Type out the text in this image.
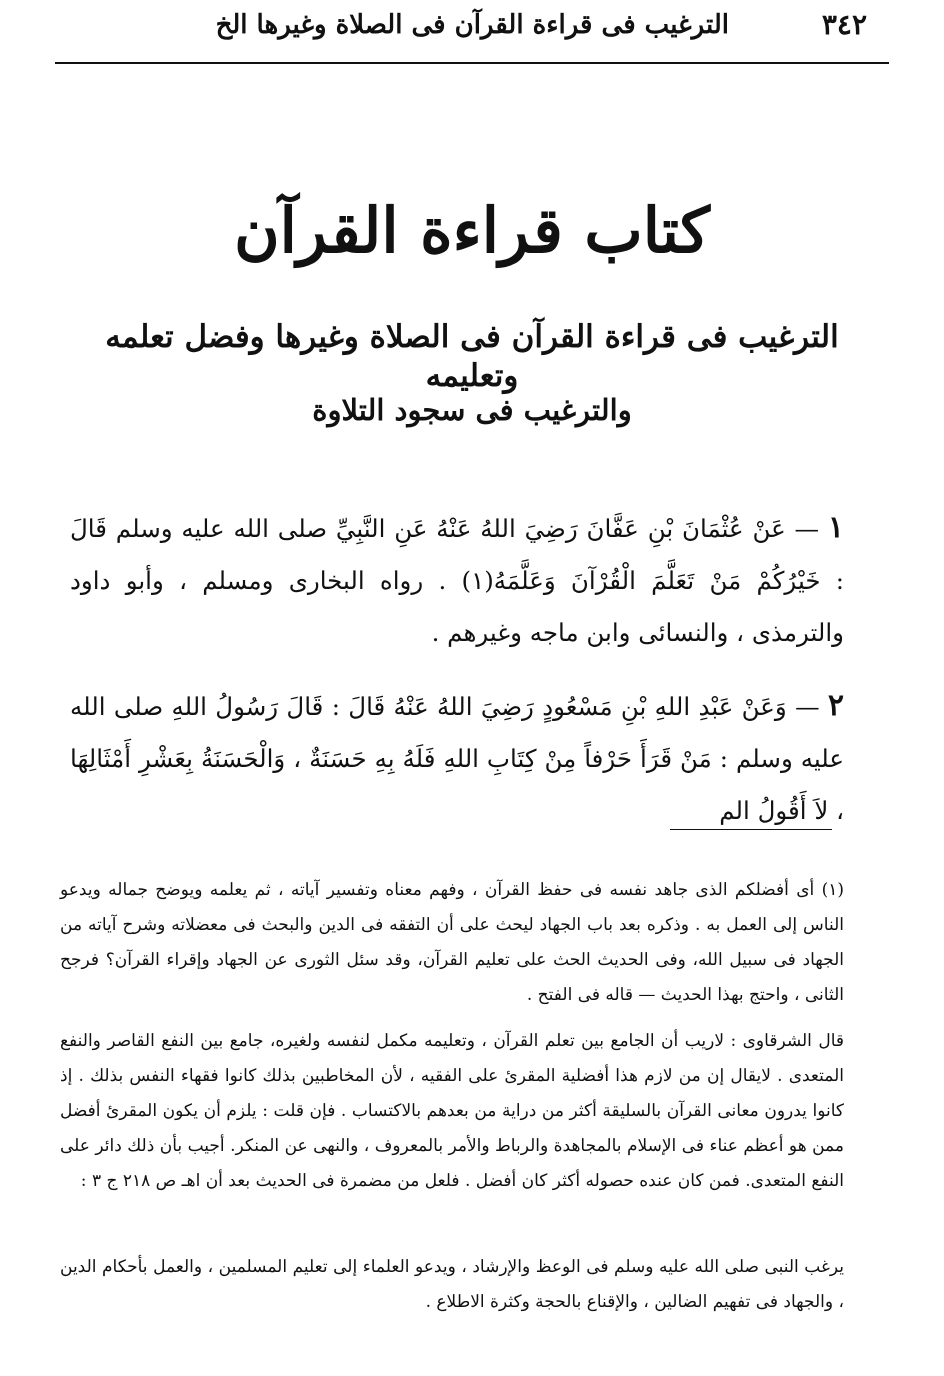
٣٤٢
الترغيب فى قراءة القرآن فى الصلاة وغيرها الخ
كتاب قراءة القرآن
الترغيب فى قراءة القرآن فى الصلاة وغيرها وفضل تعلمه وتعليمه
والترغيب فى سجود التلاوة
١ — عَنْ عُثْمَانَ بْنِ عَفَّانَ رَضِيَ اللهُ عَنْهُ عَنِ النَّبِيِّ صلى الله عليه وسلم قَالَ : خَيْرُكُمْ مَنْ تَعَلَّمَ الْقُرْآنَ وَعَلَّمَهُ(١) . رواه البخارى ومسلم ، وأبو داود والترمذى ، والنسائى وابن ماجه وغيرهم .
٢ — وَعَنْ عَبْدِ اللهِ بْنِ مَسْعُودٍ رَضِيَ اللهُ عَنْهُ قَالَ : قَالَ رَسُولُ اللهِ صلى الله عليه وسلم : مَنْ قَرَأَ حَرْفاً مِنْ كِتَابِ اللهِ فَلَهُ بِهِ حَسَنَةٌ ، وَالْحَسَنَةُ بِعَشْرِ أَمْثَالِهَا ، لاَ أَقُولُ الم
(١) أى أفضلكم الذى جاهد نفسه فى حفظ القرآن ، وفهم معناه وتفسير آياته ، ثم يعلمه ويوضح جماله ويدعو الناس إلى العمل به . وذكره بعد باب الجهاد ليحث على أن التفقه فى الدين والبحث فى معضلاته وشرح آياته من الجهاد فى سبيل الله، وفى الحديث الحث على تعليم القرآن، وقد سئل الثورى عن الجهاد وإقراء القرآن؟ فرجح الثانى ، واحتج بهذا الحديث — قاله فى الفتح .
قال الشرقاوى : لاريب أن الجامع بين تعلم القرآن ، وتعليمه مكمل لنفسه ولغيره، جامع بين النفع القاصر والنفع المتعدى . لايقال إن من لازم هذا أفضلية المقرئ على الفقيه ، لأن المخاطبين بذلك كانوا فقهاء النفس بذلك . إذ كانوا يدرون معانى القرآن بالسليقة أكثر من دراية من بعدهم بالاكتساب . فإن قلت : يلزم أن يكون المقرئ أفضل ممن هو أعظم عناء فى الإسلام بالمجاهدة والرباط والأمر بالمعروف ، والنهى عن المنكر. أجيب بأن ذلك دائر على النفع المتعدى. فمن كان عنده حصوله أكثر كان أفضل . فلعل من مضمرة فى الحديث بعد أن اهـ ص ٢١٨ ج ٣ :
يرغب النبى صلى الله عليه وسلم فى الوعظ والإرشاد ، ويدعو العلماء إلى تعليم المسلمين ، والعمل بأحكام الدين ، والجهاد فى تفهيم الضالين ، والإقناع بالحجة وكثرة الاطلاع .
